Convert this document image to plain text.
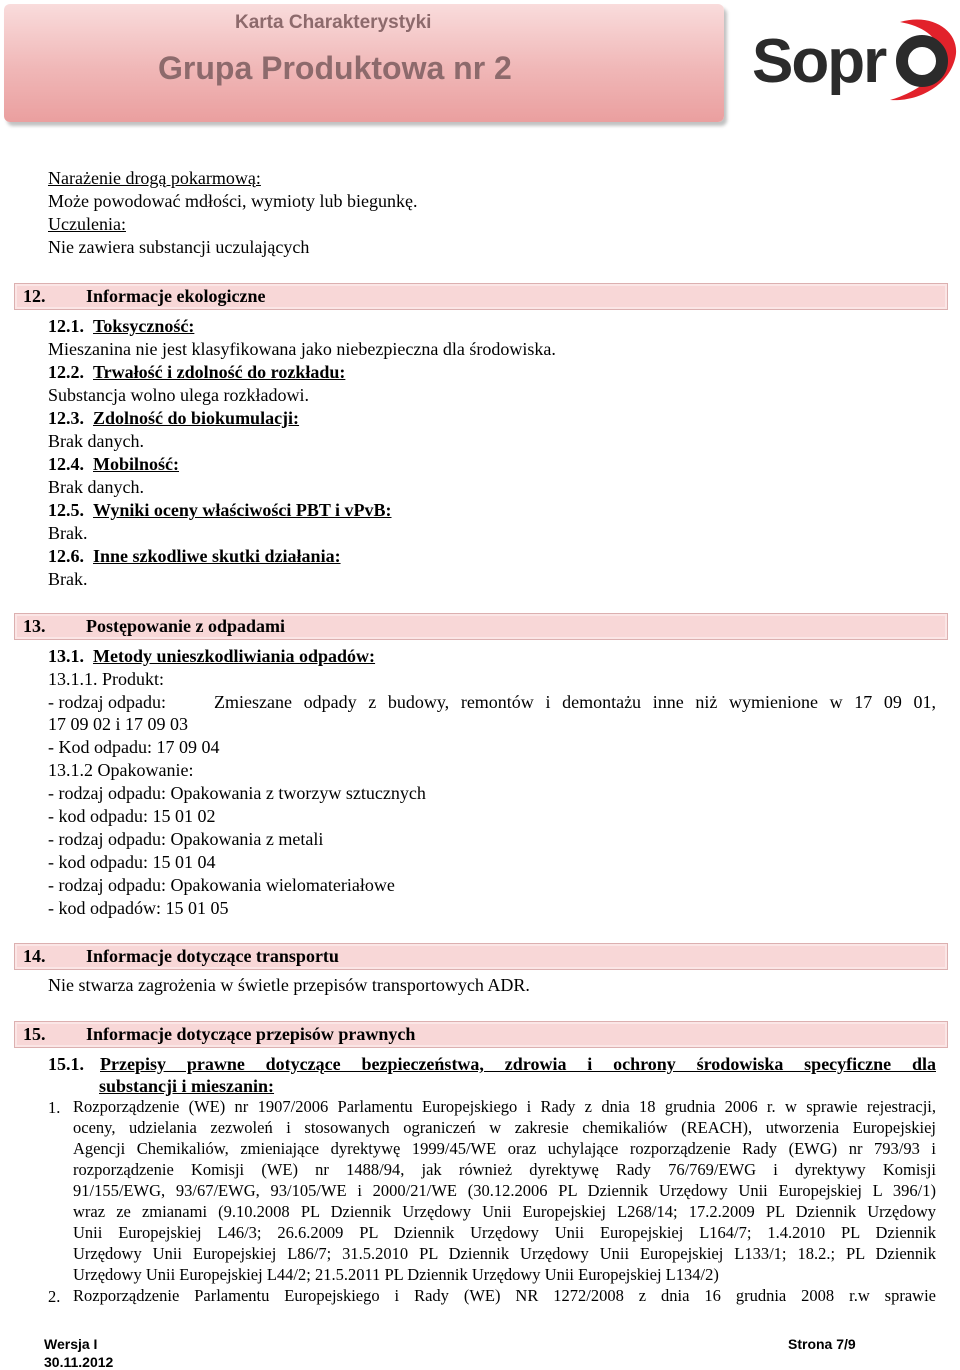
Karta Charakterystyki
Grupa Produktowa nr 2	Sopr
Narażenie drogą pokarmową:
Może powodować mdłości, wymioty lub biegunkę.
Uczulenia:
Nie zawiera substancji uczulających
12. Informacje ekologiczne
12.1. Toksyczność:
Mieszanina nie jest klasyfikowana jako niebezpieczna dla środowiska.
12.2. Trwałość i zdolność do rozkładu:
Substancja wolno ulega rozkładowi.
12.3. Zdolność do biokumulacji:
Brak danych.
12.4. Mobilność:
Brak danych.
12.5. Wyniki oceny właściwości PBT i vPvB:
Brak.
12.6. Inne szkodliwe skutki działania:
Brak.
13. Postępowanie z odpadami
13.1. Metody unieszkodliwiania odpadów:
13.1.1. Produkt:
- rodzaj odpadu:	Zmieszane odpady z budowy, remontów i demontażu inne niż wymienione w 17 09 01,
17 09 02 i 17 09 03
- Kod odpadu: 17 09 04
13.1.2 Opakowanie:
- rodzaj odpadu: Opakowania z tworzyw sztucznych
- kod odpadu: 15 01 02
- rodzaj odpadu: Opakowania z metali
- kod odpadu: 15 01 04
- rodzaj odpadu: Opakowania wielomateriałowe
- kod odpadów: 15 01 05
14. Informacje dotyczące transportu
Nie stwarza zagrożenia w świetle przepisów transportowych ADR.
15. Informacje dotyczące przepisów prawnych
15.1. Przepisy prawne dotyczące bezpieczeństwa, zdrowia i ochrony środowiska specyficzne dla
substancji i mieszanin:
1. Rozporządzenie (WE) nr 1907/2006 Parlamentu Europejskiego i Rady z dnia 18 grudnia 2006 r. w sprawie rejestracji,
oceny, udzielania zezwoleń i stosowanych ograniczeń w zakresie chemikaliów (REACH), utworzenia Europejskiej
Agencji Chemikaliów, zmieniające dyrektywę 1999/45/WE oraz uchylające rozporządzenie Rady (EWG) nr 793/93 i
rozporządzenie Komisji (WE) nr 1488/94, jak również dyrektywę Rady 76/769/EWG i dyrektywy Komisji
91/155/EWG, 93/67/EWG, 93/105/WE i 2000/21/WE (30.12.2006 PL Dziennik Urzędowy Unii Europejskiej L 396/1)
wraz ze zmianami (9.10.2008 PL Dziennik Urzędowy Unii Europejskiej L268/14; 17.2.2009 PL Dziennik Urzędowy
Unii Europejskiej L46/3; 26.6.2009 PL Dziennik Urzędowy Unii Europejskiej L164/7; 1.4.2010 PL Dziennik
Urzędowy Unii Europejskiej L86/7; 31.5.2010 PL Dziennik Urzędowy Unii Europejskiej L133/1; 18.2.; PL Dziennik
Urzędowy Unii Europejskiej L44/2; 21.5.2011 PL Dziennik Urzędowy Unii Europejskiej L134/2)
2. Rozporządzenie Parlamentu Europejskiego i Rady (WE) NR 1272/2008 z dnia 16 grudnia 2008 r.w sprawie
Wersja I
30.11.2012
Strona 7/9
